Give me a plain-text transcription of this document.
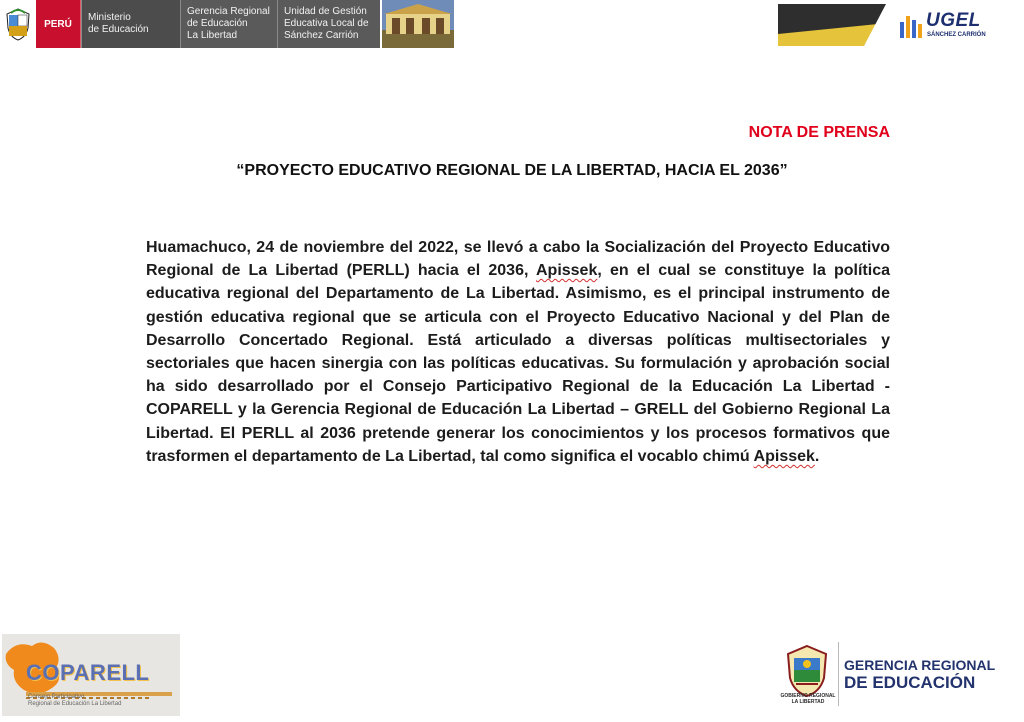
PERÚ
Ministerio
de Educación
Gerencia Regional
de Educación
La Libertad
Unidad de Gestión
Educativa Local de
Sánchez Carrión
UGEL
SÁNCHEZ CARRIÓN
NOTA DE PRENSA
“PROYECTO EDUCATIVO REGIONAL DE LA LIBERTAD, HACIA EL 2036”

Huamachuco, 24 de noviembre del 2022, se llevó a cabo la Socialización del Proyecto Educativo Regional de La Libertad (PERLL) hacia el 2036, Apissek, en el cual se constituye la política educativa regional del Departamento de La Libertad. Asimismo, es el principal instrumento de gestión educativa regional que se articula con el Proyecto Educativo Nacional y del Plan de Desarrollo Concertado Regional. Está articulado a diversas políticas multisectoriales y sectoriales que hacen sinergia con las políticas educativas. Su formulación y aprobación social ha sido desarrollado por el Consejo Participativo Regional de la Educación La Libertad - COPARELL y la Gerencia Regional de Educación La Libertad – GRELL del Gobierno Regional La Libertad. El PERLL al 2036 pretende generar los conocimientos y los procesos formativos que trasformen el departamento de La Libertad, tal como significa el vocablo chimú Apissek.

COPARELL
Consejo Participativo
Regional de Educación La Libertad
GOBIERNO REGIONAL
LA LIBERTAD
GERENCIA REGIONAL
DE EDUCACIÓN
